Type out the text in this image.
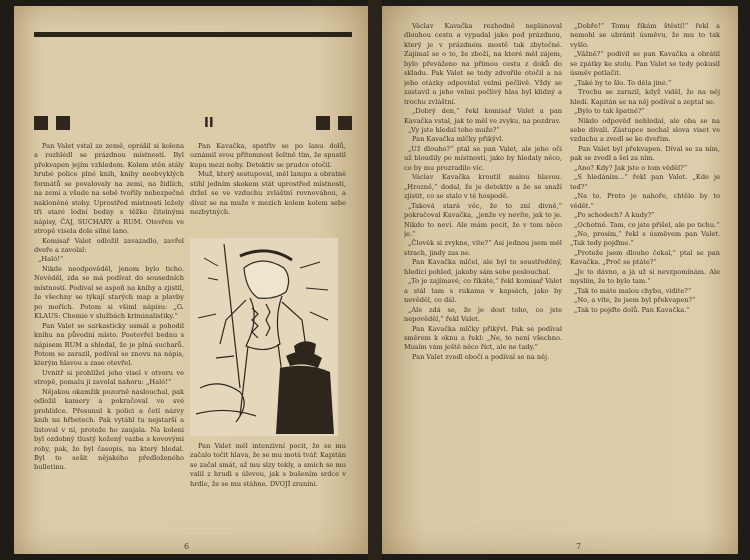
II

Pan Valet vstal ze země, oprášil si kolena a rozhlédl se prázdnou místností. Byl překvapen jejím vzhledem. Kolem stěn stály hrubé police plné knih, knihy neobvyklých formátů se povalovaly na zemi, na židlích, na zemi a všude na sobě tvořily nebezpečné nakloněné stohy. Uprostřed místnosti ležely tři staré lodní bedny s těžko čitelnými nápisy, ČAJ, SUCHARY a RUM. Otevřen ve stropě visela dole silné lano.

Komisař Valet odložil zavazadlo, zavřel dveře a zavolal:

„Haló!“

Nikde neodpověděl, jenom bylo ticho. Nevěděl, zda se má podívat do sousedních místností. Podíval se aspoň na knihy a zjistil, že všechny se týkají starých map a plavby po mořích. Potom si všiml nápisu: „G. KLAUS: Chemie v službách kriminalistiky.“

Pan Valet se sarkasticky usmál a pohodil knihu na původní místo. Pootevřel bednu s nápisem RUM a shledal, že je plná sucharů. Potom se zarazil, podíval se znovu na nápis, kterým hlavou a zase otevřel.

Uvnitř si prohlížel jeho visel v otvoru ve stropě, pomalu ji zavolal nahoru: „Haló!“

Nějakou okamžik pozorně naslouchal, pak odložil kamery a pokračoval ve své prohlídce. Přesunul k polici a četl názvy knih na hřbetech. Pak vytáhl tu nejstarší a listoval v ní, protože ho zaujala. Na koleni byl ozdobný tlustý kožený vazba s kovovými rohy, pak, že byl časopis, na který hledal. Byl to sešit nějakého předloženého bulletinu.

Pan Kavačka, spatřiv se po lanu dolů, oznámil svou přítomnost šeltně tím, že spustil kupu mezi nohy. Detektiv se prudce otočil.

Muž, který sestupoval, měl lampu a obratně stihl jedním skokem stát uprostřed místnosti, držel se ve vzduchu zvláštní rovnováhou, a dívat se na muže v mezích kolem kolem sebe nezbytných.

Pan Valet měl intenzivní pocit, že se mu začalo točit hlava, že se mu motá tvář. Kapitán se začal smát, až mu slzy tekly, a smích se mu valil z hrudi s úlevou, jak s bušením srdce v hrdle, že se mu stáhne. DVOJÍ zraníni.

6

Václav Kavačka rozhodně neplánoval dlouhou cestu a vypadal jako pod prázdnou, který je v prázdném mostě tak zbytečné. Zajímal se o to, že zboží, na které měl zájem, bylo převáženo na přímou cestu z doků do skladu. Pak Valet se tedy zdvořile otočil a na jeho otázky odpovídal velmi pečlivě. Vždy se zastavil a jeho velmi pečlivý hlas byl klidný a trochu zvláštní.

„Dobrý den,“ řekl komisař Valet a pan Kavačka vstal, jak to měl ve zvyku, na pozdrav.

„Vy jste hledal toho muže?“

Pan Kavačka mlčky přikývl.

„Už dlouho?“ ptal se pan Valet, ale jeho oči už bloudily po místnosti, jako by hledaly něco, co by mu prozradilo víc.

Václav Kavačka kroutil malou hlavou. „Hrozně,“ dodal, že je detektiv a že se snaží zjistit, co se stalo v té hospodě.

„Taková stará věc, že to zní divně,“ pokračoval Kavačka, „jenže vy nevíte, jak to je. Nikdo to neví. Ale mám pocit, že v tom něco je.“

„Člověk si zvykne, víte?“ Asi jednou jsem měl strach, jindy zas ne.

Pan Kavačka mlčel, ale byl to soustředěný, hledící pohled, jakoby sám sebe poslouchal.

„To je zajímavé, co říkáte,“ řekl komisař Valet a stál tam s rukama v kapsách, jako by nevěděl, co dál.

„Ale zdá se, že je dost toho, co jste nepověděl,“ řekl Valet.

Pan Kavačka mlčky přikývl. Pak se podíval směrem k oknu a řekl: „Ne, to není všechno. Musím vám ještě něco říct, ale ne tady.“

Pan Valet zvedl obočí a podíval se na něj.

„Dobře!“ Tomu říkám štěstí!“ řekl a nemohl se ubránit úsměvu, že mu to tak vyšlo.

„Vážně?“ podivil se pan Kavačka a obrátil se zpátky ke stolu. Pan Valet se tedy pokusil úsměv potlačit.

„Také by to šlo. To děla jiné.“

Trochu se zarazil, když viděl, že na něj hledí. Kapitán se na něj podíval a zeptal se.

„Bylo to tak špatné?“

Nikdo odpověď nehledal, ale oba se na sebe dívali. Zástupce nechal slova viset ve vzduchu a zvedl se ke dveřím.

Pan Valet byl překvapen. Díval se za ním, pak se zvedl a šel za ním.

„Ano? Kdy? Jak jste o tom věděl?“

„S hledáním...“ řekl pan Valet. „Kde je teď?“

„Na to. Proto je nahoře, chtělo by to vědět.“

„Po schodech? A kudy?“

„Ochotně. Tam, co jste přišel, ale po tichu.“

„No, prosím,“ řekl s úsměvem pan Valet. „Tak tedy pojďme.“

„Protože jsem dlouho čekal,“ ptal se pan Kavačka. „Proč se ptáte?“

„Je to dávno, a já už si nevzpomínám. Ale myslím, že to bylo tam.“

„Tak to máte malou chybu, vidíte?“

„No, a víte, že jsem byl překvapen?“

„Tak to pojďte dolů. Pan Kavačka.“

7
